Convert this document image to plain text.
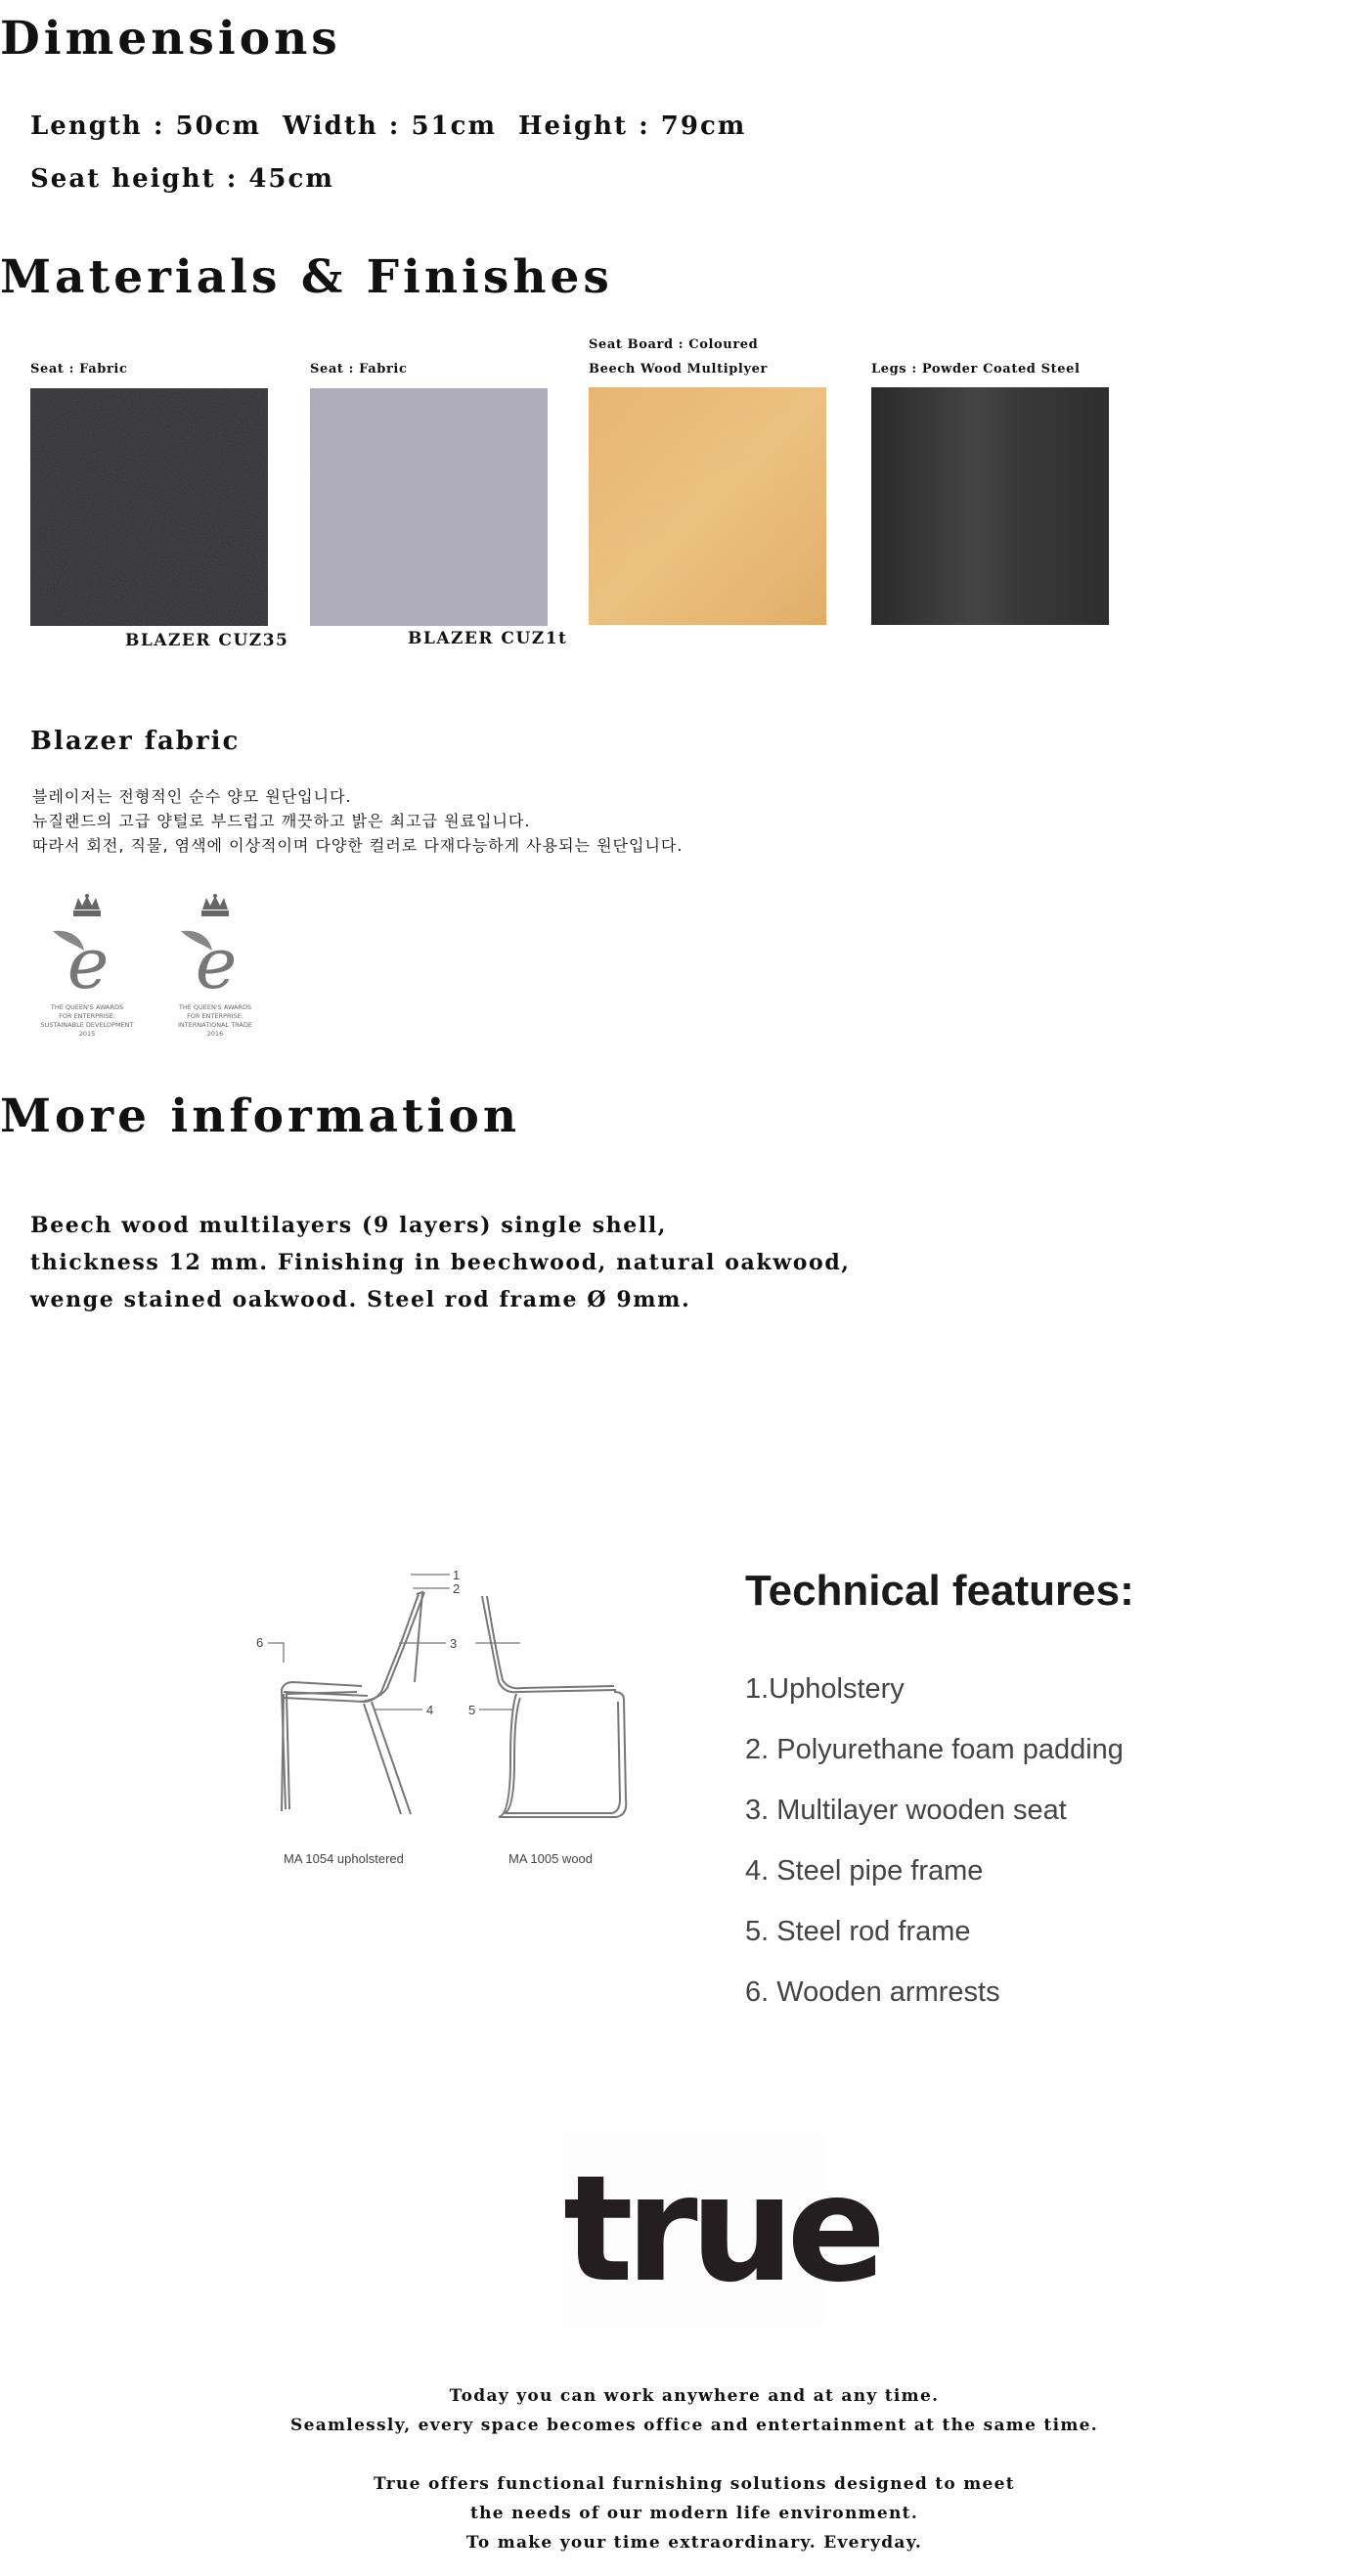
Dimensions
Length : 50cm Width : 51cm Height : 79cm
Seat height : 45cm
Materials & Finishes
Seat : Fabric
BLAZER CUZ35
Seat : Fabric
BLAZER CUZ1t
Seat Board : Coloured
Beech Wood Multiplyer	Legs : Powder Coated Steel
Blazer fabric
블레이저는 전형적인 순수 양모 원단입니다.
뉴질랜드의 고급 양털로 부드럽고 깨끗하고 밝은 최고급 원료입니다.
따라서 회전, 직물, 염색에 이상적이며 다양한 컬러로 다재다능하게 사용되는 원단입니다.
e
THE QUEEN'S AWARDS
FOR ENTERPRISE:
SUSTAINABLE DEVELOPMENT
2015
e
THE QUEEN'S AWARDS
FOR ENTERPRISE:
INTERNATIONAL TRADE
2016
More information
Beech wood multilayers (9 layers) single shell,
thickness 12 mm. Finishing in beechwood, natural oakwood,
wenge stained oakwood. Steel rod frame Ø 9mm.
1
2
3
4	5
6
MA 1054 upholstered	MA 1005 wood
Technical features:
1.Upholstery
2. Polyurethane foam padding
3. Multilayer wooden seat
4. Steel pipe frame
5. Steel rod frame
6. Wooden armrests
true
Today you can work anywhere and at any time.
Seamlessly, every space becomes office and entertainment at the same time.
True offers functional furnishing solutions designed to meet
the needs of our modern life environment.
To make your time extraordinary. Everyday.
